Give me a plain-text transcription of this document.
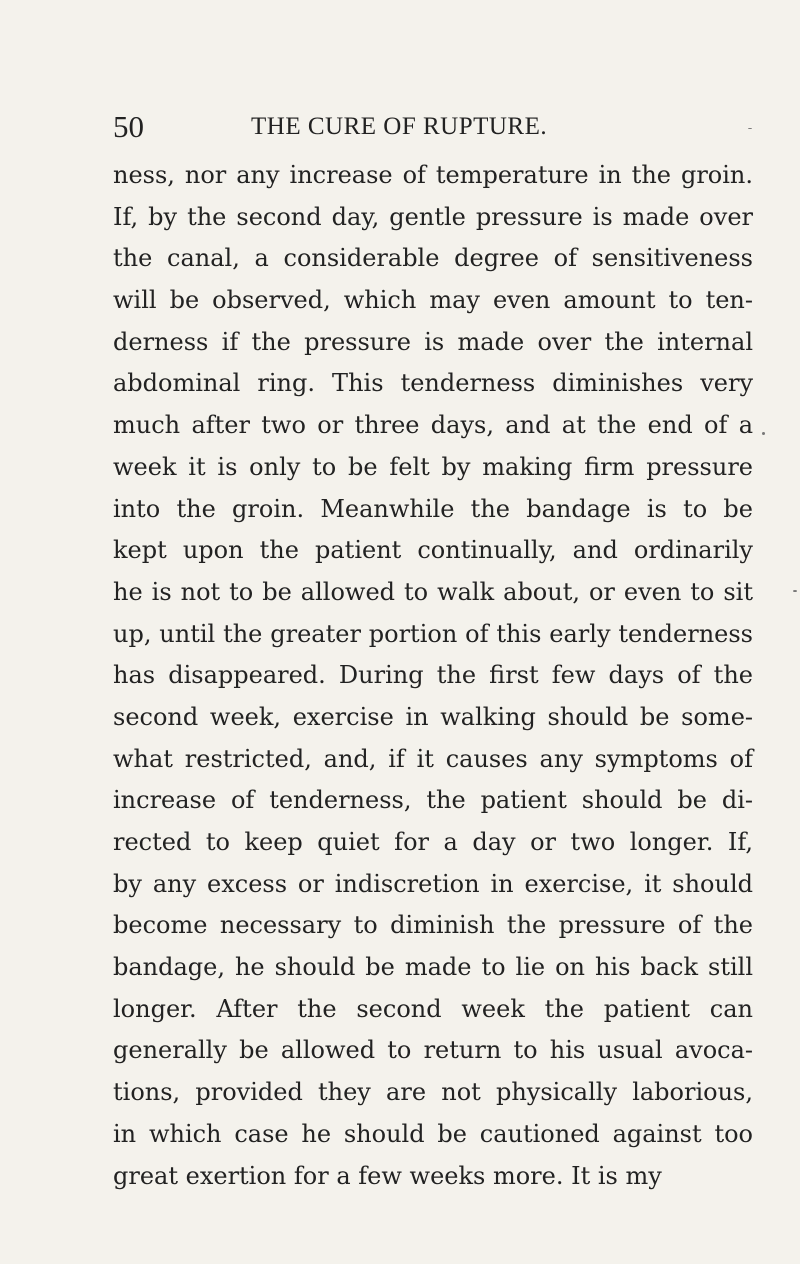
50	THE CURE OF RUPTURE.
ness, nor any increase of temperature in the groin.
If, by the second day, gentle pressure is made over
the canal, a considerable degree of sensitiveness
will be observed, which may even amount to ten-
derness if the pressure is made over the internal
abdominal ring. This tenderness diminishes very
much after two or three days, and at the end of a
week it is only to be felt by making firm pressure
into the groin. Meanwhile the bandage is to be
kept upon the patient continually, and ordinarily
he is not to be allowed to walk about, or even to sit
up, until the greater portion of this early tenderness
has disappeared. During the first few days of the
second week, exercise in walking should be some-
what restricted, and, if it causes any symptoms of
increase of tenderness, the patient should be di-
rected to keep quiet for a day or two longer. If,
by any excess or indiscretion in exercise, it should
become necessary to diminish the pressure of the
bandage, he should be made to lie on his back still
longer. After the second week the patient can
generally be allowed to return to his usual avoca-
tions, provided they are not physically laborious,
in which case he should be cautioned against too
great exertion for a few weeks more. It is my
